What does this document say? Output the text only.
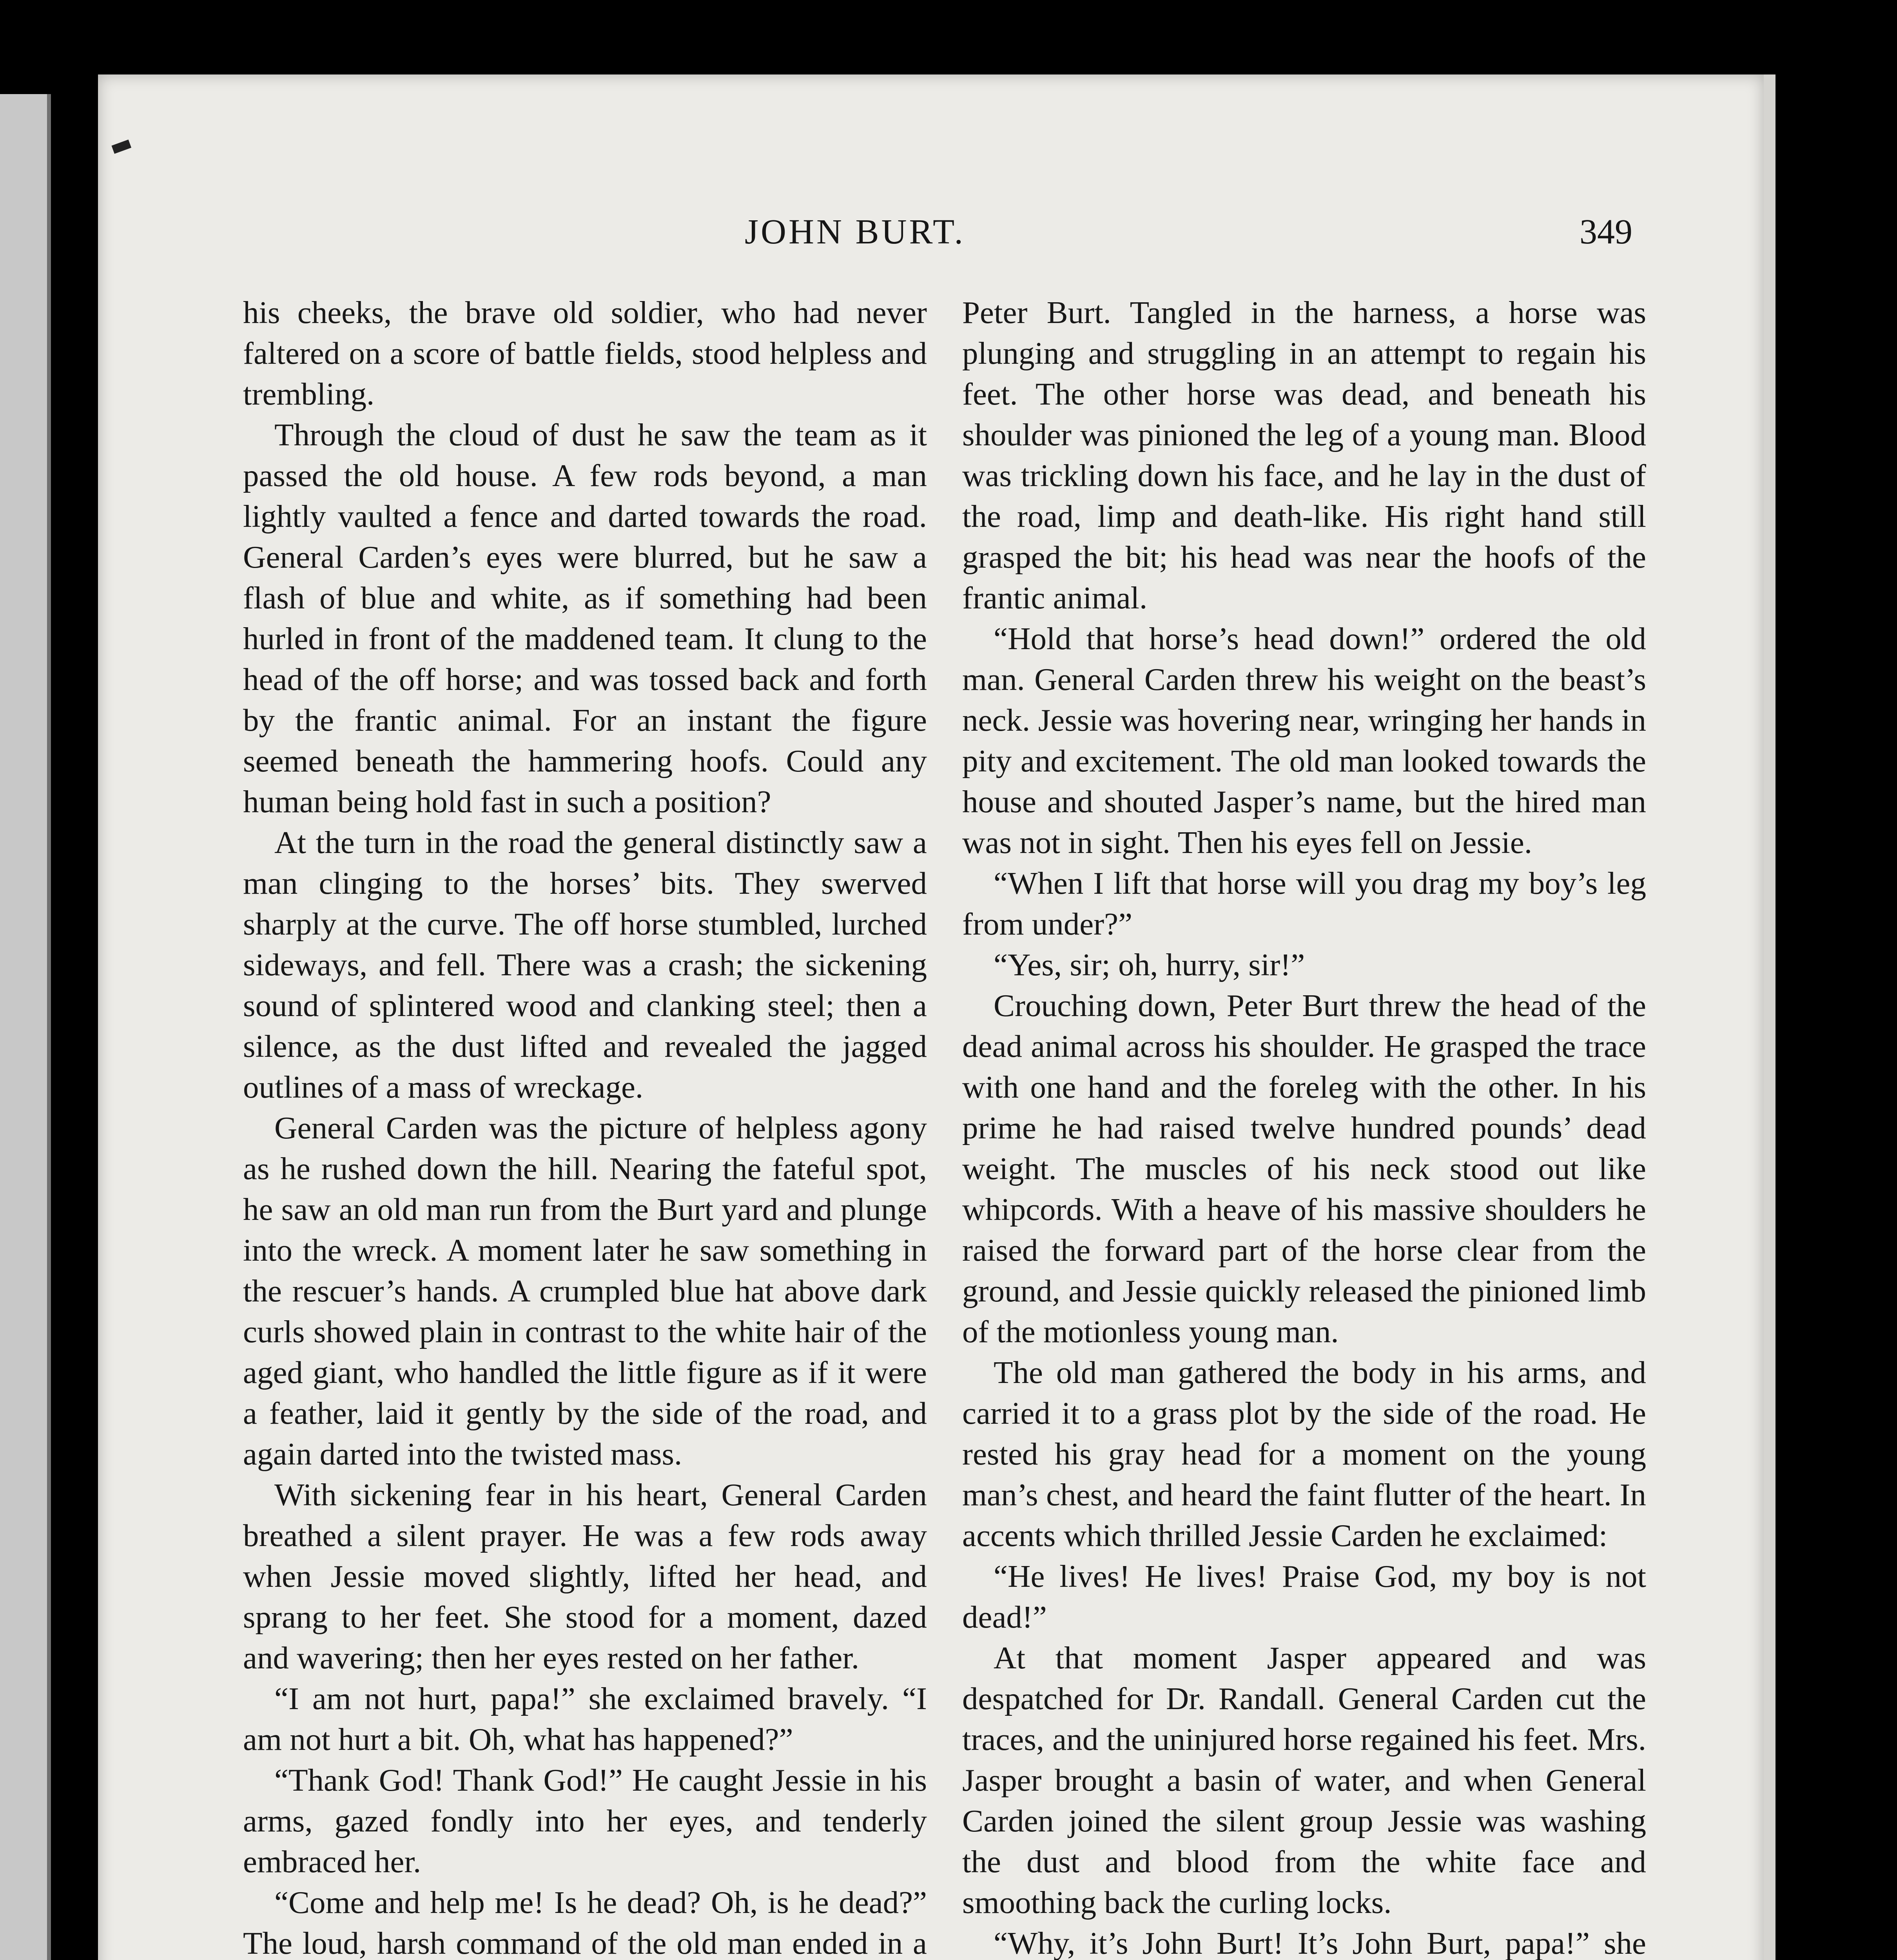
▬
JOHN BURT.	349

his cheeks, the brave old soldier, who had never faltered on a score of battle fields, stood helpless and trembling.

Through the cloud of dust he saw the team as it passed the old house. A few rods beyond, a man lightly vaulted a fence and darted towards the road. General Carden’s eyes were blurred, but he saw a flash of blue and white, as if something had been hurled in front of the maddened team. It clung to the head of the off horse; and was tossed back and forth by the frantic animal. For an instant the figure seemed beneath the hammering hoofs. Could any human being hold fast in such a position?

At the turn in the road the general distinctly saw a man clinging to the horses’ bits. They swerved sharply at the curve. The off horse stumbled, lurched sideways, and fell. There was a crash; the sickening sound of splintered wood and clanking steel; then a silence, as the dust lifted and revealed the jagged outlines of a mass of wreckage.

General Carden was the picture of helpless agony as he rushed down the hill. Nearing the fateful spot, he saw an old man run from the Burt yard and plunge into the wreck. A moment later he saw something in the rescuer’s hands. A crumpled blue hat above dark curls showed plain in contrast to the white hair of the aged giant, who handled the little figure as if it were a feather, laid it gently by the side of the road, and again darted into the twisted mass.

With sickening fear in his heart, General Carden breathed a silent prayer. He was a few rods away when Jessie moved slightly, lifted her head, and sprang to her feet. She stood for a moment, dazed and wavering; then her eyes rested on her father.

“I am not hurt, papa!” she exclaimed bravely. “I am not hurt a bit. Oh, what has happened?”

“Thank God! Thank God!” He caught Jessie in his arms, gazed fondly into her eyes, and tenderly embraced her.

“Come and help me! Is he dead? Oh, is he dead?” The loud, harsh command of the old man ended in a

Peter Burt. Tangled in the harness, a horse was plunging and struggling in an attempt to regain his feet. The other horse was dead, and beneath his shoulder was pinioned the leg of a young man. Blood was trickling down his face, and he lay in the dust of the road, limp and death-like. His right hand still grasped the bit; his head was near the hoofs of the frantic animal.

“Hold that horse’s head down!” ordered the old man. General Carden threw his weight on the beast’s neck. Jessie was hovering near, wringing her hands in pity and excitement. The old man looked towards the house and shouted Jasper’s name, but the hired man was not in sight. Then his eyes fell on Jessie.

“When I lift that horse will you drag my boy’s leg from under?”

“Yes, sir; oh, hurry, sir!”

Crouching down, Peter Burt threw the head of the dead animal across his shoulder. He grasped the trace with one hand and the foreleg with the other. In his prime he had raised twelve hundred pounds’ dead weight. The muscles of his neck stood out like whipcords. With a heave of his massive shoulders he raised the forward part of the horse clear from the ground, and Jessie quickly released the pinioned limb of the motionless young man.

The old man gathered the body in his arms, and carried it to a grass plot by the side of the road. He rested his gray head for a moment on the young man’s chest, and heard the faint flutter of the heart. In accents which thrilled Jessie Carden he exclaimed:

“He lives! He lives! Praise God, my boy is not dead!”

At that moment Jasper appeared and was despatched for Dr. Randall. General Carden cut the traces, and the uninjured horse regained his feet. Mrs. Jasper brought a basin of water, and when General Carden joined the silent group Jessie was washing the dust and blood from the white face and smoothing back the curling locks.

“Why, it’s John Burt! It’s John Burt, papa!” she
